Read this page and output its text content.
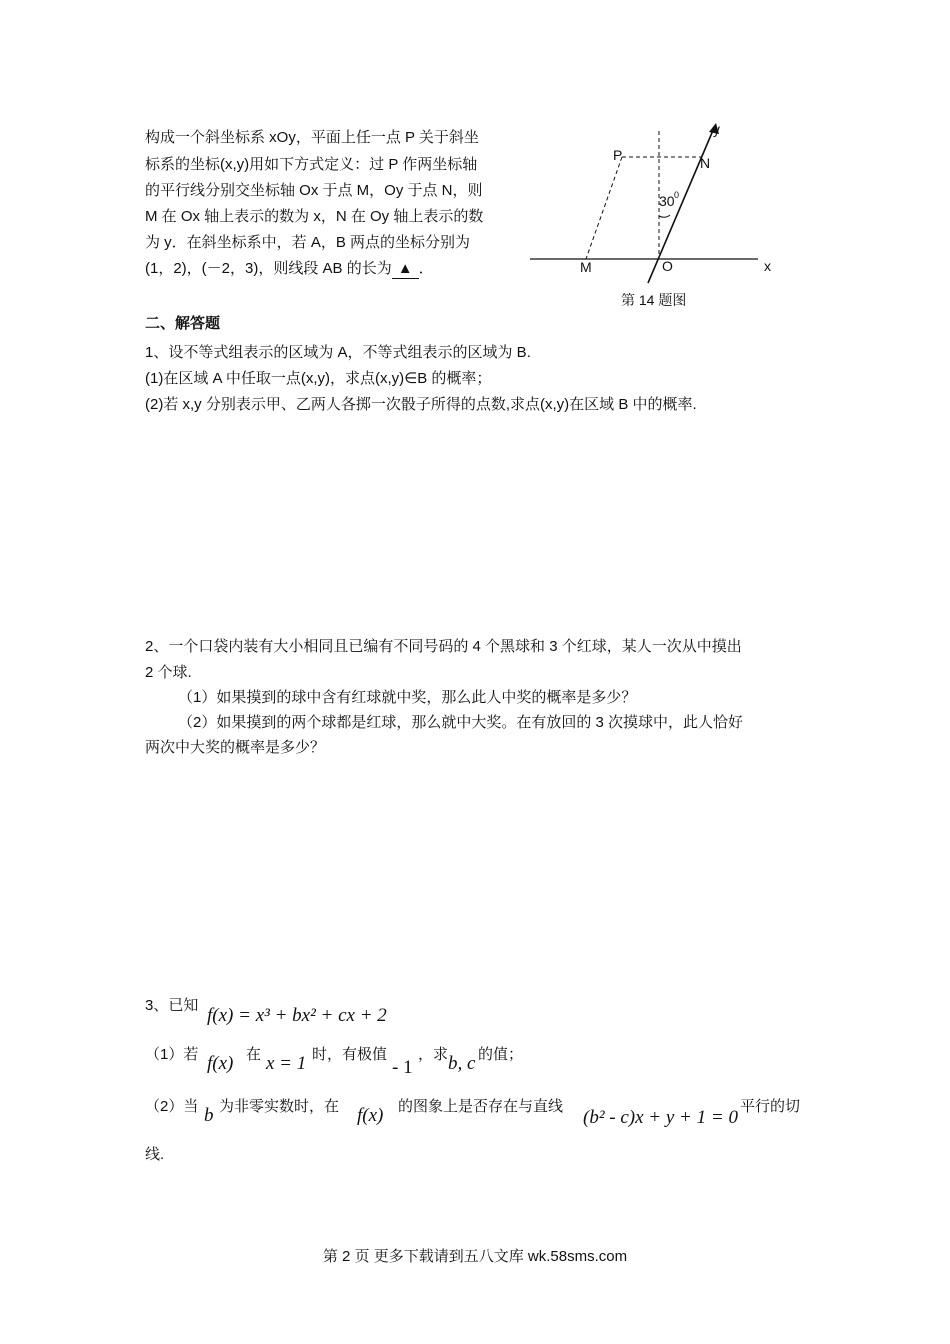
构成一个斜坐标系 xOy，平面上任一点 P 关于斜坐
标系的坐标(x,y)用如下方式定义：过 P 作两坐标轴
的平行线分别交坐标轴 Ox 于点 M，Oy 于点 N，则
M 在 Ox 轴上表示的数为 x，N 在 Oy 轴上表示的数
为 y．在斜坐标系中，若 A，B 两点的坐标分别为
(1，2)，(－2，3)，则线段 AB 的长为 ▲ ．
y
x
P	N
M	O
30 0
第 14 题图
二、解答题
1、设不等式组表示的区域为 A，不等式组表示的区域为 B.
(1)在区域 A 中任取一点(x,y)，求点(x,y)∈B 的概率；
(2)若 x,y 分别表示甲、乙两人各掷一次骰子所得的点数,求点(x,y)在区域 B 中的概率.
2、一个口袋内装有大小相同且已编有不同号码的 4 个黑球和 3 个红球，某人一次从中摸出
2 个球.
（1）如果摸到的球中含有红球就中奖，那么此人中奖的概率是多少？
（2）如果摸到的两个球都是红球，那么就中大奖。在有放回的 3 次摸球中，此人恰好
两次中大奖的概率是多少？
3、已知 f(x) = x³ + bx² + cx + 2
（1）若 f(x) 在 x = 1 时，有极值
- 1
，求 b, c 的值；
（2）当 b 为非零实数时，在 f(x) 的图象上是否存在与直线
(b² - c)x + y + 1 = 0
平行的切
线.
第 2 页 更多下载请到五八文库 wk.58sms.com
